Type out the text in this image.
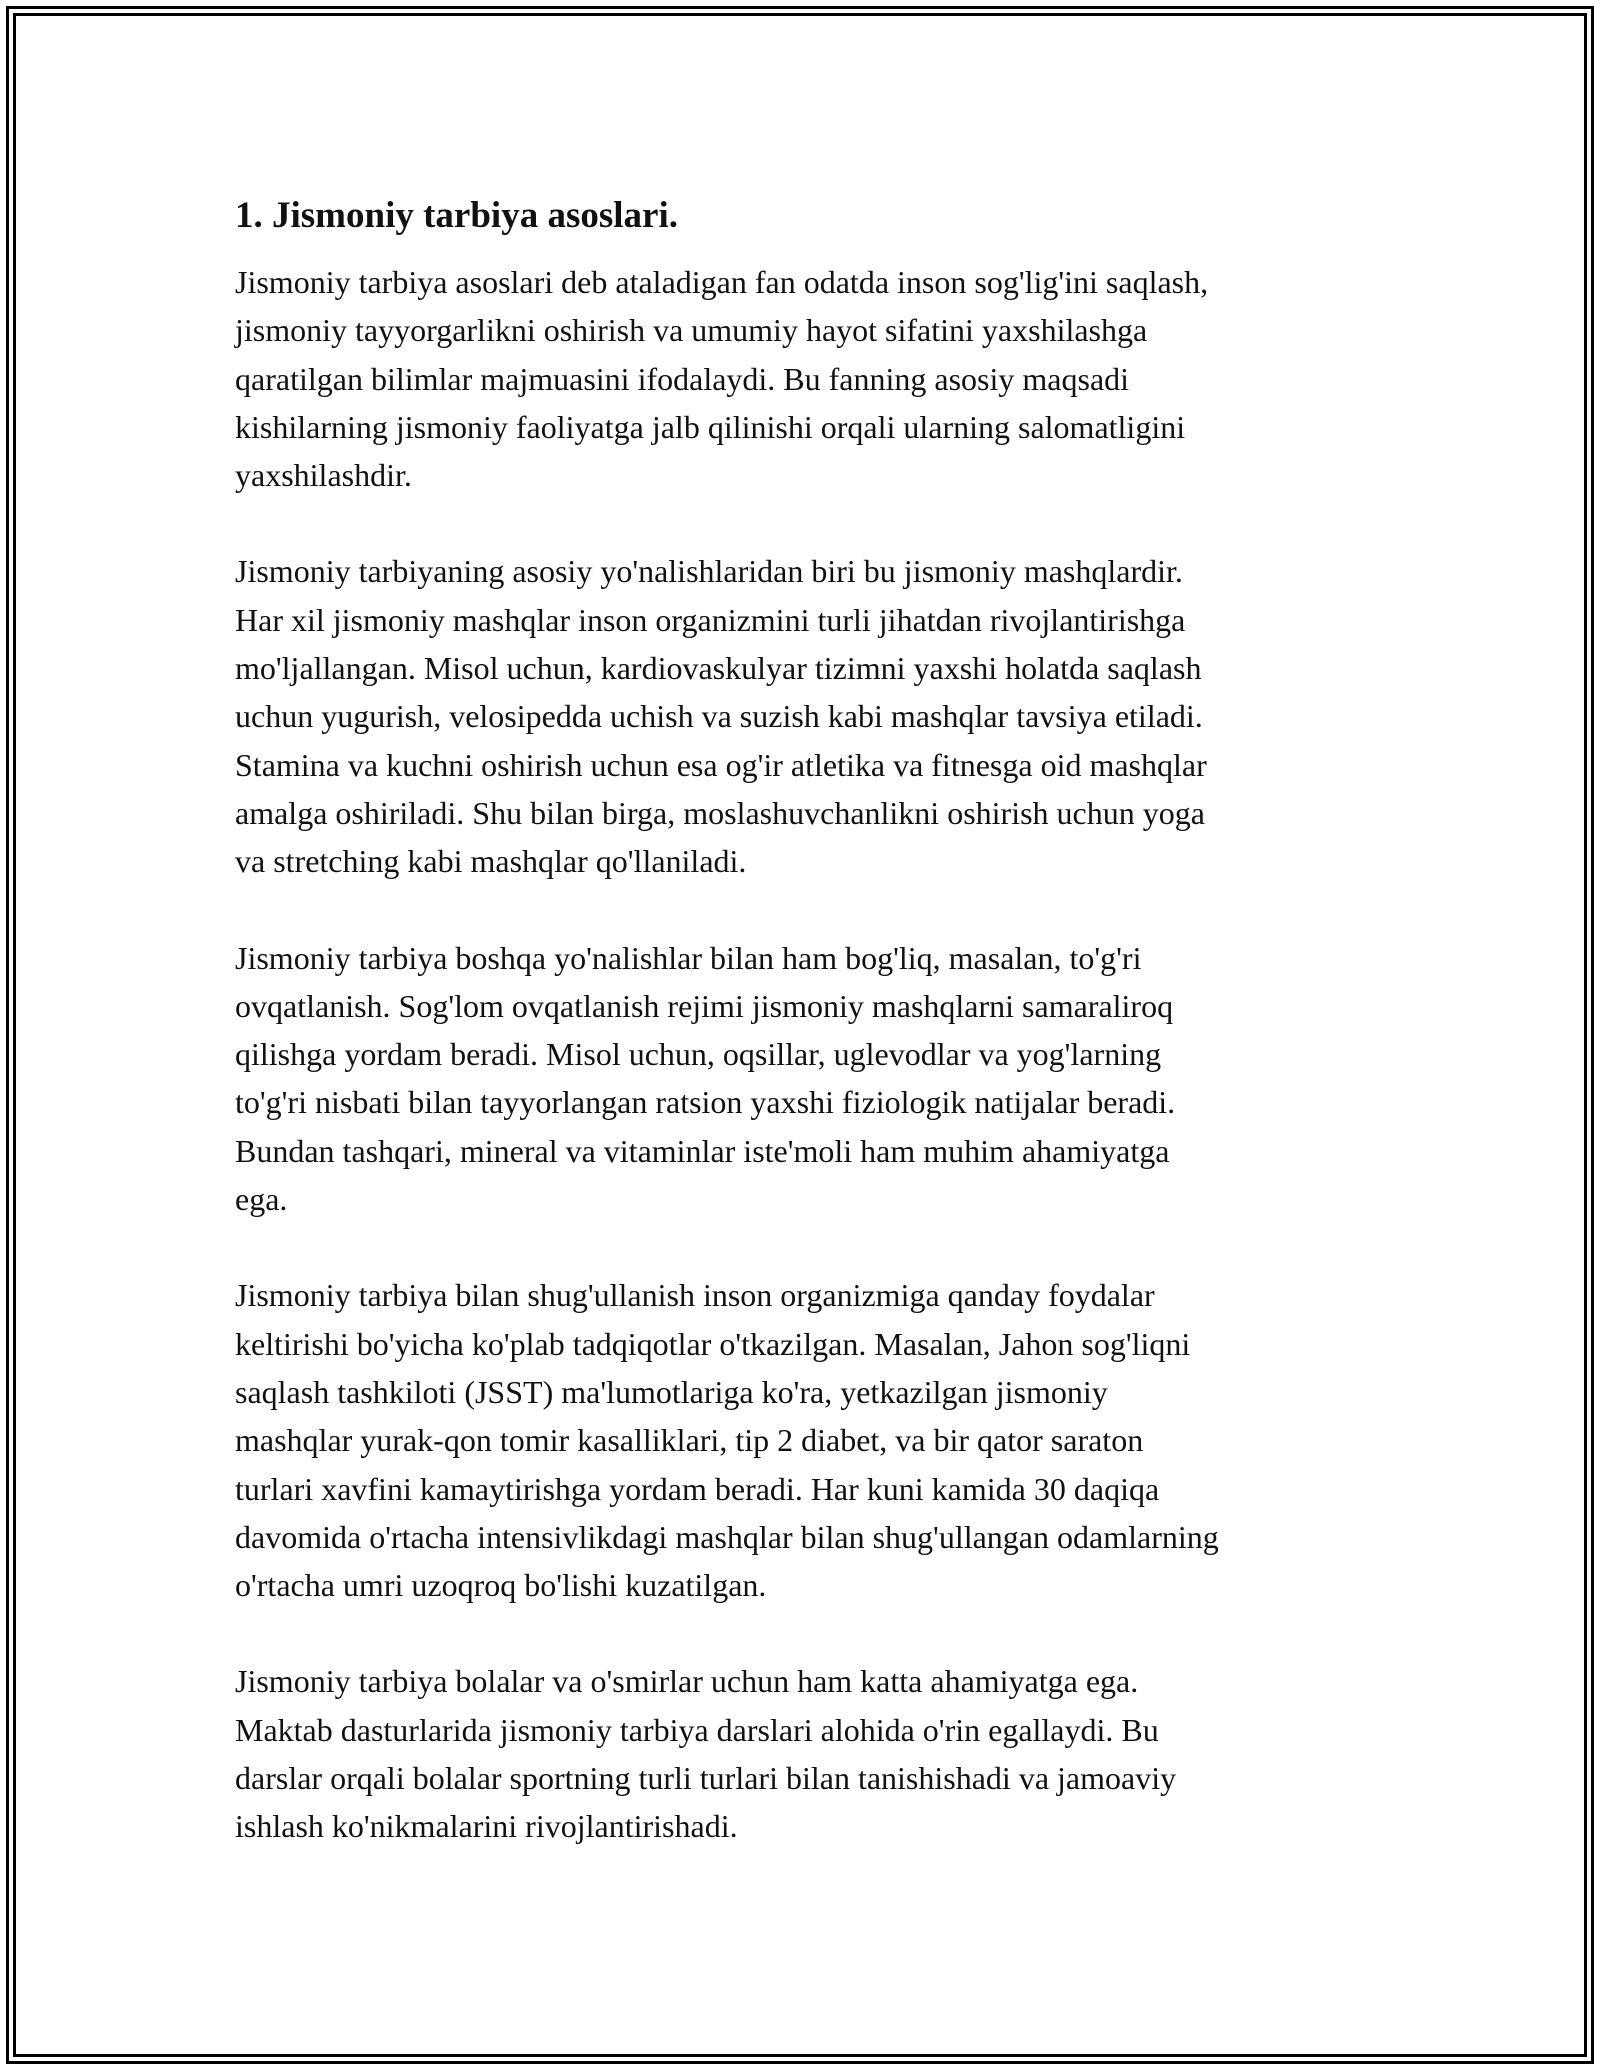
1. Jismoniy tarbiya asoslari.
Jismoniy tarbiya asoslari deb ataladigan fan odatda inson sog'lig'ini saqlash,
jismoniy tayyorgarlikni oshirish va umumiy hayot sifatini yaxshilashga
qaratilgan bilimlar majmuasini ifodalaydi. Bu fanning asosiy maqsadi
kishilarning jismoniy faoliyatga jalb qilinishi orqali ularning salomatligini
yaxshilashdir.
Jismoniy tarbiyaning asosiy yo'nalishlaridan biri bu jismoniy mashqlardir.
Har xil jismoniy mashqlar inson organizmini turli jihatdan rivojlantirishga
mo'ljallangan. Misol uchun, kardiovaskulyar tizimni yaxshi holatda saqlash
uchun yugurish, velosipedda uchish va suzish kabi mashqlar tavsiya etiladi.
Stamina va kuchni oshirish uchun esa og'ir atletika va fitnesga oid mashqlar
amalga oshiriladi. Shu bilan birga, moslashuvchanlikni oshirish uchun yoga
va stretching kabi mashqlar qo'llaniladi.
Jismoniy tarbiya boshqa yo'nalishlar bilan ham bog'liq, masalan, to'g'ri
ovqatlanish. Sog'lom ovqatlanish rejimi jismoniy mashqlarni samaraliroq
qilishga yordam beradi. Misol uchun, oqsillar, uglevodlar va yog'larning
to'g'ri nisbati bilan tayyorlangan ratsion yaxshi fiziologik natijalar beradi.
Bundan tashqari, mineral va vitaminlar iste'moli ham muhim ahamiyatga
ega.
Jismoniy tarbiya bilan shug'ullanish inson organizmiga qanday foydalar
keltirishi bo'yicha ko'plab tadqiqotlar o'tkazilgan. Masalan, Jahon sog'liqni
saqlash tashkiloti (JSST) ma'lumotlariga ko'ra, yetkazilgan jismoniy
mashqlar yurak-qon tomir kasalliklari, tip 2 diabet, va bir qator saraton
turlari xavfini kamaytirishga yordam beradi. Har kuni kamida 30 daqiqa
davomida o'rtacha intensivlikdagi mashqlar bilan shug'ullangan odamlarning
o'rtacha umri uzoqroq bo'lishi kuzatilgan.
Jismoniy tarbiya bolalar va o'smirlar uchun ham katta ahamiyatga ega.
Maktab dasturlarida jismoniy tarbiya darslari alohida o'rin egallaydi. Bu
darslar orqali bolalar sportning turli turlari bilan tanishishadi va jamoaviy
ishlash ko'nikmalarini rivojlantirishadi.
